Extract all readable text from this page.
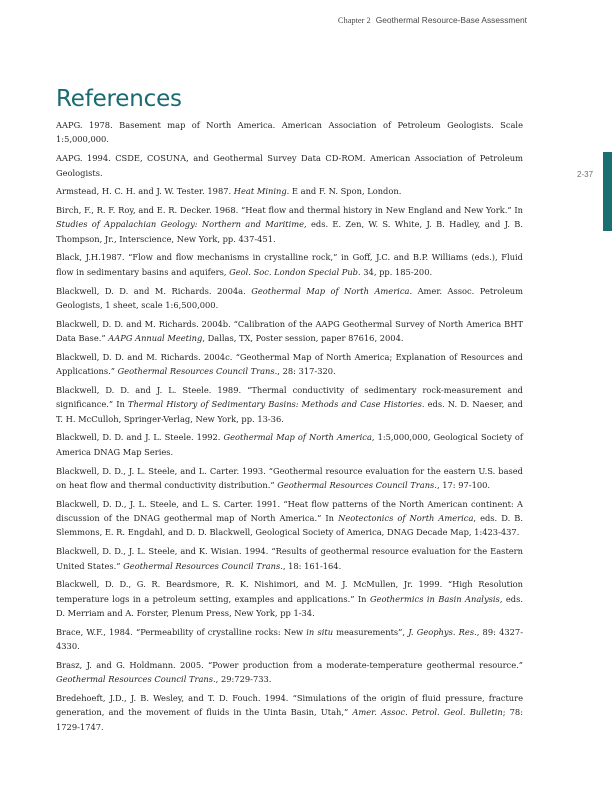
Chapter 2 Geothermal Resource-Base Assessment
2-37
References
AAPG. 1978. Basement map of North America. American Association of Petroleum Geologists. Scale 1:5,000,000.
AAPG. 1994. CSDE, COSUNA, and Geothermal Survey Data CD-ROM. American Association of Petroleum Geologists.
Armstead, H. C. H. and J. W. Tester. 1987. Heat Mining. E and F. N. Spon, London.
Birch, F., R. F. Roy, and E. R. Decker. 1968. “Heat flow and thermal history in New England and New York.” In Studies of Appalachian Geology: Northern and Maritime, eds. E. Zen, W. S. White, J. B. Hadley, and J. B. Thompson, Jr., Interscience, New York, pp. 437-451.
Black, J.H.1987. “Flow and flow mechanisms in crystalline rock,” in Goff, J.C. and B.P. Williams (eds.), Fluid flow in sedimentary basins and aquifers, Geol. Soc. London Special Pub. 34, pp. 185-200.
Blackwell, D. D. and M. Richards. 2004a. Geothermal Map of North America. Amer. Assoc. Petroleum Geologists, 1 sheet, scale 1:6,500,000.
Blackwell, D. D. and M. Richards. 2004b. “Calibration of the AAPG Geothermal Survey of North America BHT Data Base.” AAPG Annual Meeting, Dallas, TX, Poster session, paper 87616, 2004.
Blackwell, D. D. and M. Richards. 2004c. “Geothermal Map of North America; Explanation of Resources and Applications.” Geothermal Resources Council Trans., 28: 317-320.
Blackwell, D. D. and J. L. Steele. 1989. “Thermal conductivity of sedimentary rock-measurement and significance.” In Thermal History of Sedimentary Basins: Methods and Case Histories. eds. N. D. Naeser, and T. H. McCulloh, Springer-Verlag, New York, pp. 13-36.
Blackwell, D. D. and J. L. Steele. 1992. Geothermal Map of North America, 1:5,000,000, Geological Society of America DNAG Map Series.
Blackwell, D. D., J. L. Steele, and L. Carter. 1993. “Geothermal resource evaluation for the eastern U.S. based on heat flow and thermal conductivity distribution.” Geothermal Resources Council Trans., 17: 97-100.
Blackwell, D. D., J. L. Steele, and L. S. Carter. 1991. “Heat flow patterns of the North American continent: A discussion of the DNAG geothermal map of North America.” In Neotectonics of North America, eds. D. B. Slemmons, E. R. Engdahl, and D. D. Blackwell, Geological Society of America, DNAG Decade Map, 1:423-437.
Blackwell, D. D., J. L. Steele, and K. Wisian. 1994. “Results of geothermal resource evaluation for the Eastern United States.” Geothermal Resources Council Trans., 18: 161-164.
Blackwell, D. D., G. R. Beardsmore, R. K. Nishimori, and M. J. McMullen, Jr. 1999. “High Resolution temperature logs in a petroleum setting, examples and applications.” In Geothermics in Basin Analysis, eds. D. Merriam and A. Forster, Plenum Press, New York, pp 1-34.
Brace, W.F., 1984. “Permeability of crystalline rocks: New in situ measurements”, J. Geophys. Res., 89: 4327-4330.
Brasz, J. and G. Holdmann. 2005. “Power production from a moderate-temperature geothermal resource.” Geothermal Resources Council Trans., 29:729-733.
Bredehoeft, J.D., J. B. Wesley, and T. D. Fouch. 1994. “Simulations of the origin of fluid pressure, fracture generation, and the movement of fluids in the Uinta Basin, Utah,” Amer. Assoc. Petrol. Geol. Bulletin; 78: 1729-1747.
